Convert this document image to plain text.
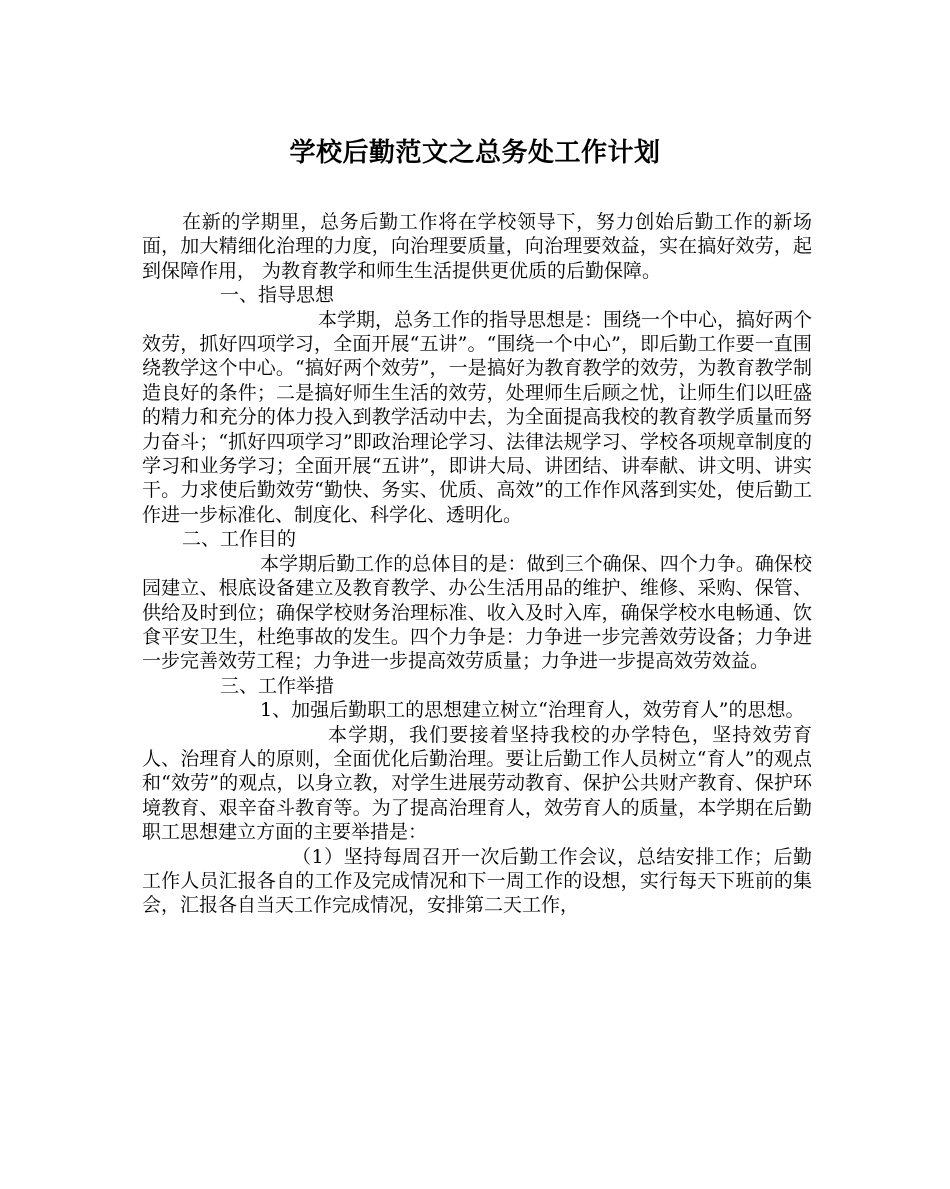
学校后勤范文之总务处工作计划

在新的学期里，总务后勤工作将在学校领导下，努力创始后勤工作的新场面，加大精细化治理的力度，向治理要质量，向治理要效益，实在搞好效劳，起到保障作用， 为教育教学和师生生活提供更优质的后勤保障。

一、指导思想

本学期，总务工作的指导思想是：围绕一个中心，搞好两个效劳，抓好四项学习，全面开展“五讲”。“围绕一个中心”，即后勤工作要一直围绕教学这个中心。“搞好两个效劳”，一是搞好为教育教学的效劳，为教育教学制造良好的条件；二是搞好师生生活的效劳，处理师生后顾之忧，让师生们以旺盛的精力和充分的体力投入到教学活动中去，为全面提高我校的教育教学质量而努力奋斗；“抓好四项学习”即政治理论学习、法律法规学习、学校各项规章制度的学习和业务学习；全面开展“五讲”，即讲大局、讲团结、讲奉献、讲文明、讲实干。力求使后勤效劳“勤快、务实、优质、高效”的工作作风落到实处，使后勤工作进一步标准化、制度化、科学化、透明化。

二、工作目的

本学期后勤工作的总体目的是：做到三个确保、四个力争。确保校园建立、根底设备建立及教育教学、办公生活用品的维护、维修、采购、保管、供给及时到位；确保学校财务治理标准、收入及时入库，确保学校水电畅通、饮食平安卫生，杜绝事故的发生。四个力争是：力争进一步完善效劳设备；力争进一步完善效劳工程；力争进一步提高效劳质量；力争进一步提高效劳效益。

三、工作举措

1、加强后勤职工的思想建立树立“治理育人，效劳育人”的思想。

本学期，我们要接着坚持我校的办学特色，坚持效劳育人、治理育人的原则，全面优化后勤治理。要让后勤工作人员树立“育人”的观点和“效劳”的观点，以身立教，对学生进展劳动教育、保护公共财产教育、保护环境教育、艰辛奋斗教育等。为了提高治理育人，效劳育人的质量，本学期在后勤职工思想建立方面的主要举措是：

（1）坚持每周召开一次后勤工作会议，总结安排工作；后勤工作人员汇报各自的工作及完成情况和下一周工作的设想，实行每天下班前的集会，汇报各自当天工作完成情况，安排第二天工作，
